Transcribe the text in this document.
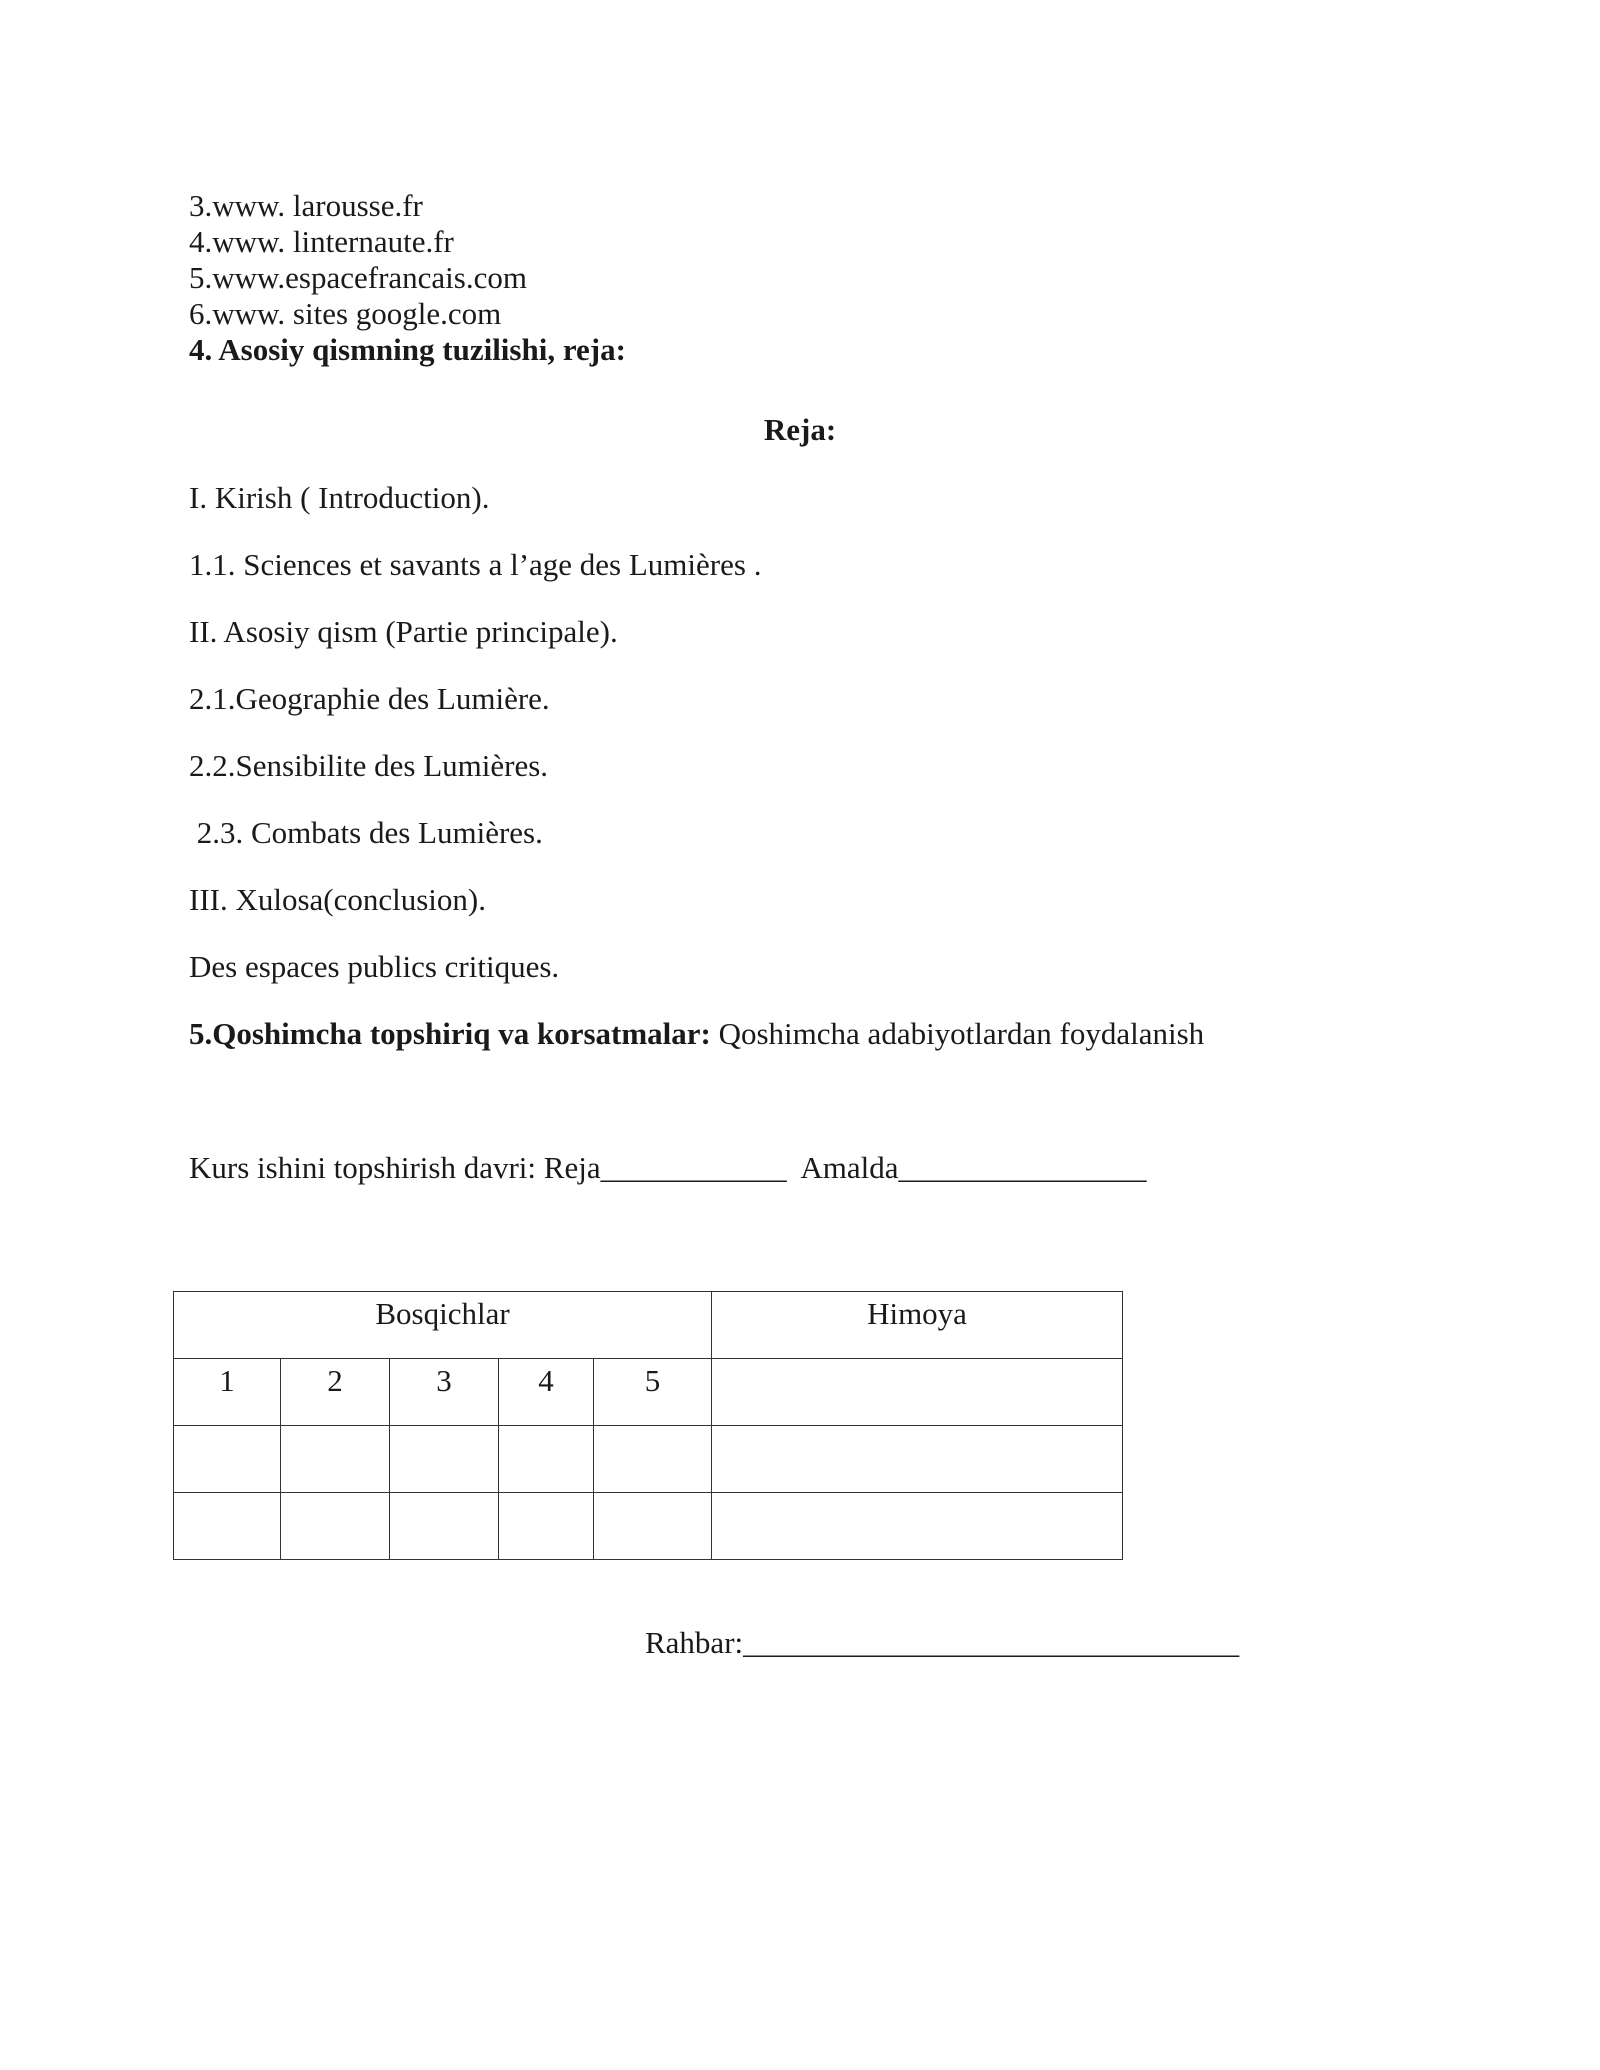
3.www. larousse.fr
4.www. linternaute.fr
5.www.espacefrancais.com
6.www. sites google.com
4. Asosiy qismning tuzilishi, reja:
Reja:
I. Kirish ( Introduction).
1.1. Sciences et savants a l’age des Lumières .
II. Asosiy qism (Partie principale).
2.1.Geographie des Lumière.
2.2.Sensibilite des Lumières.
2.3. Combats des Lumières.
III. Xulosa(conclusion).
Des espaces publics critiques.
5.Qoshimcha topshiriq va korsatmalar: Qoshimcha adabiyotlardan foydalanish
Kurs ishini topshirish davri: Reja____________  Amalda________________
Bosqichlar					Himoya
1	2	3	4	5	

Rahbar:________________________________
